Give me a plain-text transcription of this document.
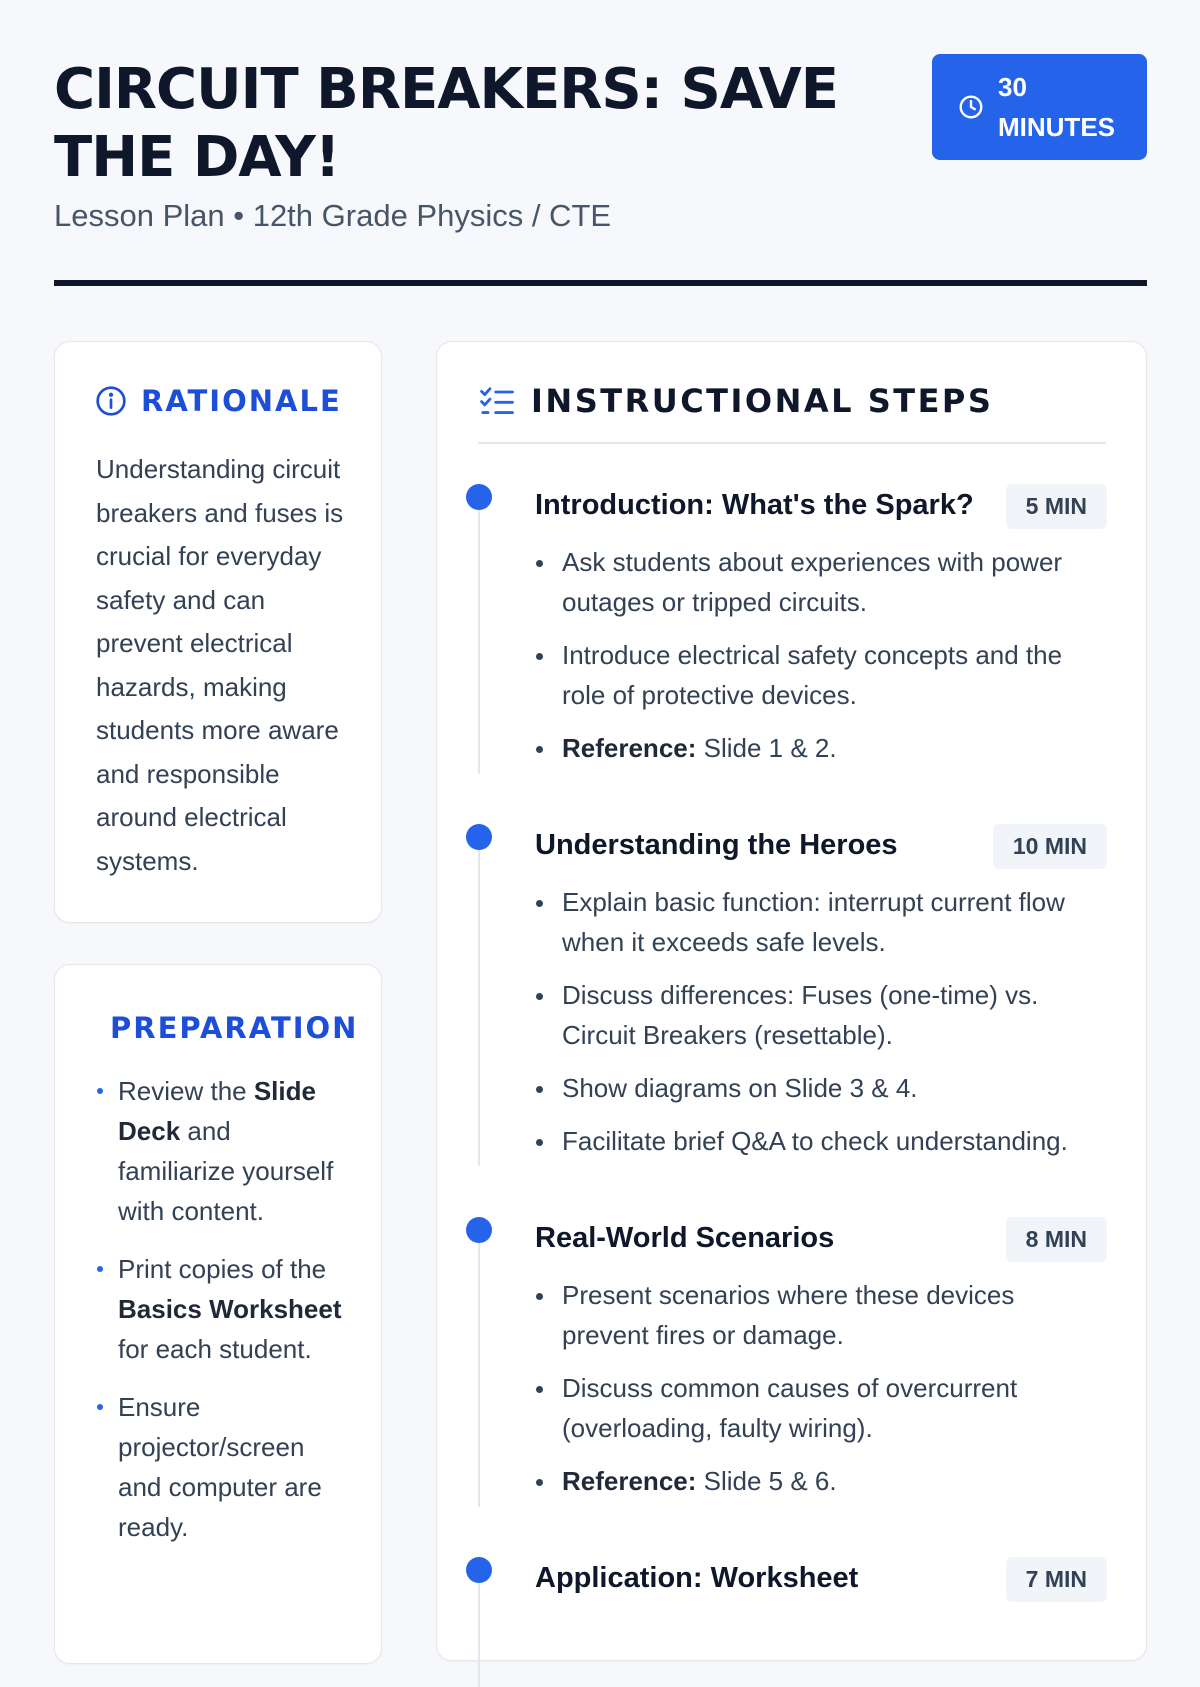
CIRCUIT BREAKERS: SAVE THE DAY!
Lesson Plan • 12th Grade Physics / CTE
30 MINUTES
RATIONALE

Understanding circuit breakers and fuses is crucial for everyday safety and can prevent electrical hazards, making students more aware and responsible around electrical systems.

PREPARATION
Review the Slide Deck and familiarize yourself with content.
Print copies of the Basics Worksheet for each student.
Ensure projector/screen and computer are ready.
INSTRUCTIONAL STEPS
Introduction: What's the Spark?	5 MIN
Ask students about experiences with power outages or tripped circuits.
Introduce electrical safety concepts and the role of protective devices.
Reference: Slide 1 & 2.
Understanding the Heroes	10 MIN
Explain basic function: interrupt current flow when it exceeds safe levels.
Discuss differences: Fuses (one-time) vs. Circuit Breakers (resettable).
Show diagrams on Slide 3 & 4.
Facilitate brief Q&A to check understanding.
Real-World Scenarios	8 MIN
Present scenarios where these devices prevent fires or damage.
Discuss common causes of overcurrent (overloading, faulty wiring).
Reference: Slide 5 & 6.
Application: Worksheet	7 MIN
